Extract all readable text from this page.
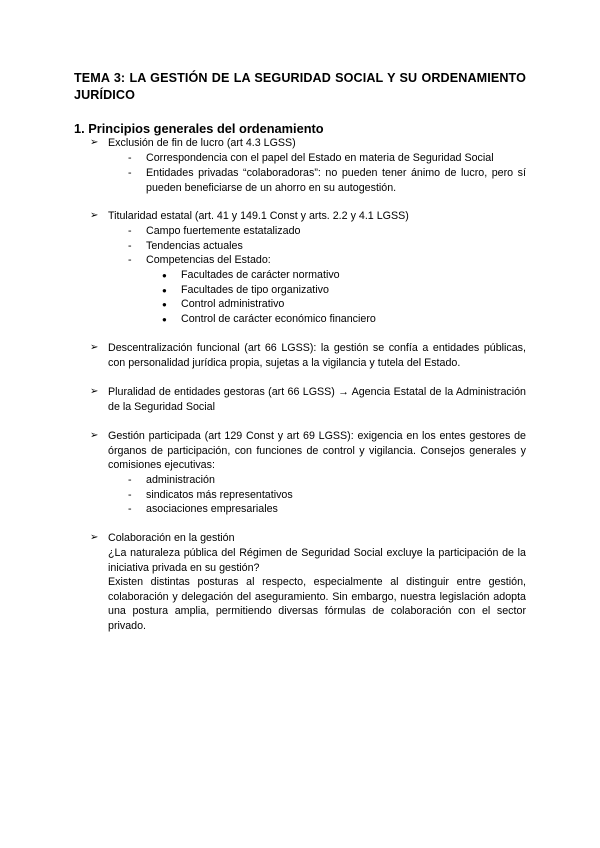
TEMA 3: LA GESTIÓN DE LA SEGURIDAD SOCIAL Y SU ORDENAMIENTO JURÍDICO
1. Principios generales del ordenamiento
➢ Exclusión de fin de lucro (art 4.3 LGSS)
- Correspondencia con el papel del Estado en materia de Seguridad Social
- Entidades privadas “colaboradoras”: no pueden tener ánimo de lucro, pero sí pueden beneficiarse de un ahorro en su autogestión.
➢ Titularidad estatal (art. 41 y 149.1 Const y arts. 2.2 y 4.1 LGSS)
- Campo fuertemente estatalizado
- Tendencias actuales
- Competencias del Estado:
● Facultades de carácter normativo
● Facultades de tipo organizativo
● Control administrativo
● Control de carácter económico financiero
➢ Descentralización funcional (art 66 LGSS): la gestión se confía a entidades públicas, con personalidad jurídica propia, sujetas a la vigilancia y tutela del Estado.
➢ Pluralidad de entidades gestoras (art 66 LGSS) → Agencia Estatal de la Administración de la Seguridad Social
➢ Gestión participada (art 129 Const y art 69 LGSS): exigencia en los entes gestores de órganos de participación, con funciones de control y vigilancia. Consejos generales y comisiones ejecutivas:
- administración
- sindicatos más representativos
- asociaciones empresariales
➢ Colaboración en la gestión
¿La naturaleza pública del Régimen de Seguridad Social excluye la participación de la iniciativa privada en su gestión?
Existen distintas posturas al respecto, especialmente al distinguir entre gestión, colaboración y delegación del aseguramiento. Sin embargo, nuestra legislación adopta una postura amplia, permitiendo diversas fórmulas de colaboración con el sector privado.
